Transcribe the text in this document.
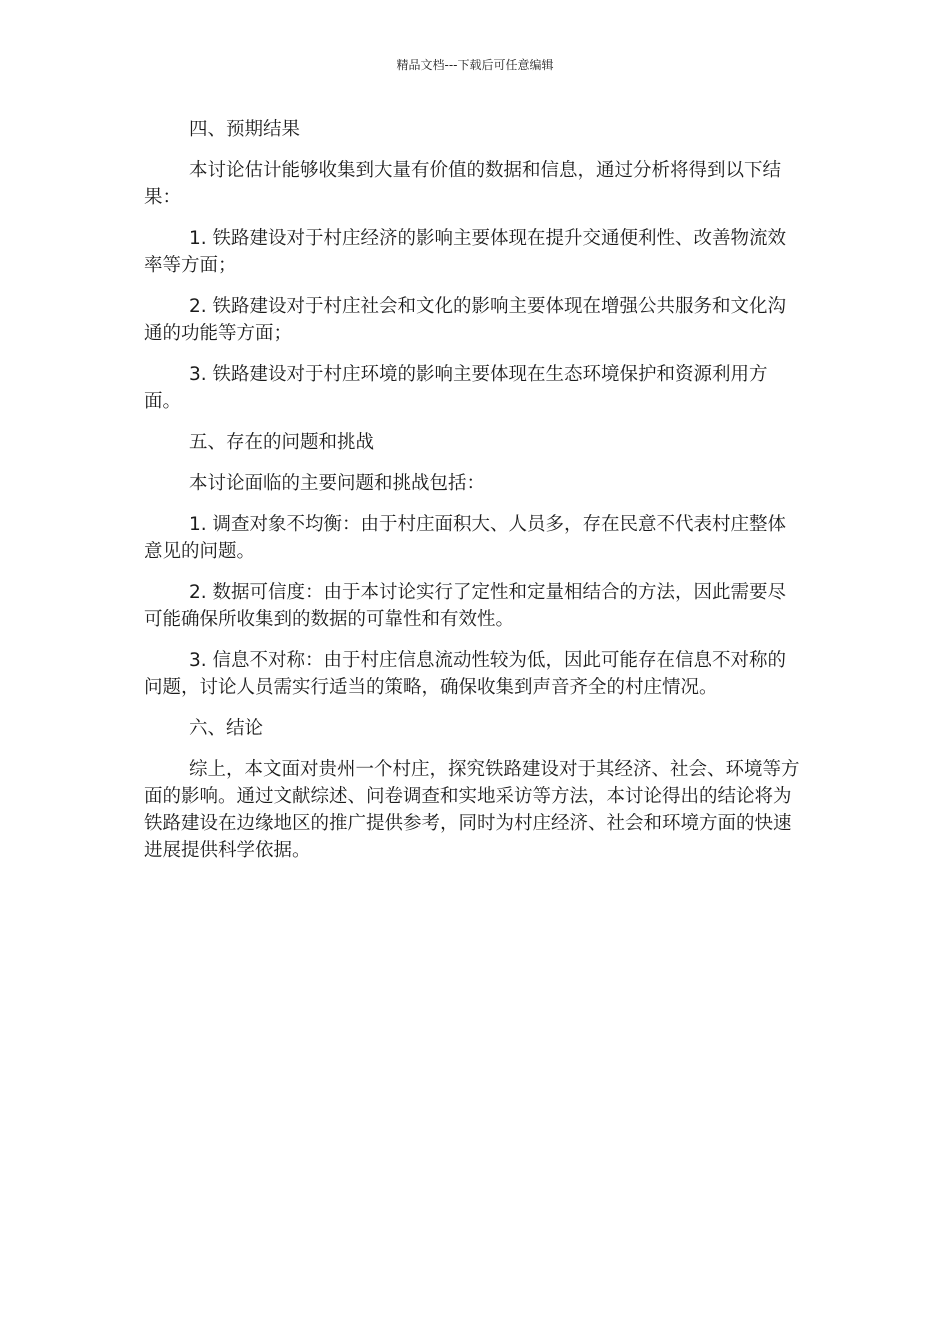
精品文档---下载后可任意编辑

四、预期结果

本讨论估计能够收集到大量有价值的数据和信息，通过分析将得到以下结果：

1. 铁路建设对于村庄经济的影响主要体现在提升交通便利性、改善物流效率等方面；

2. 铁路建设对于村庄社会和文化的影响主要体现在增强公共服务和文化沟通的功能等方面；

3. 铁路建设对于村庄环境的影响主要体现在生态环境保护和资源利用方面。

五、存在的问题和挑战

本讨论面临的主要问题和挑战包括：

1. 调查对象不均衡：由于村庄面积大、人员多，存在民意不代表村庄整体意见的问题。

2. 数据可信度：由于本讨论实行了定性和定量相结合的方法，因此需要尽可能确保所收集到的数据的可靠性和有效性。

3. 信息不对称：由于村庄信息流动性较为低，因此可能存在信息不对称的问题，讨论人员需实行适当的策略，确保收集到声音齐全的村庄情况。

六、结论

综上，本文面对贵州一个村庄，探究铁路建设对于其经济、社会、环境等方面的影响。通过文献综述、问卷调查和实地采访等方法，本讨论得出的结论将为铁路建设在边缘地区的推广提供参考，同时为村庄经济、社会和环境方面的快速进展提供科学依据。
